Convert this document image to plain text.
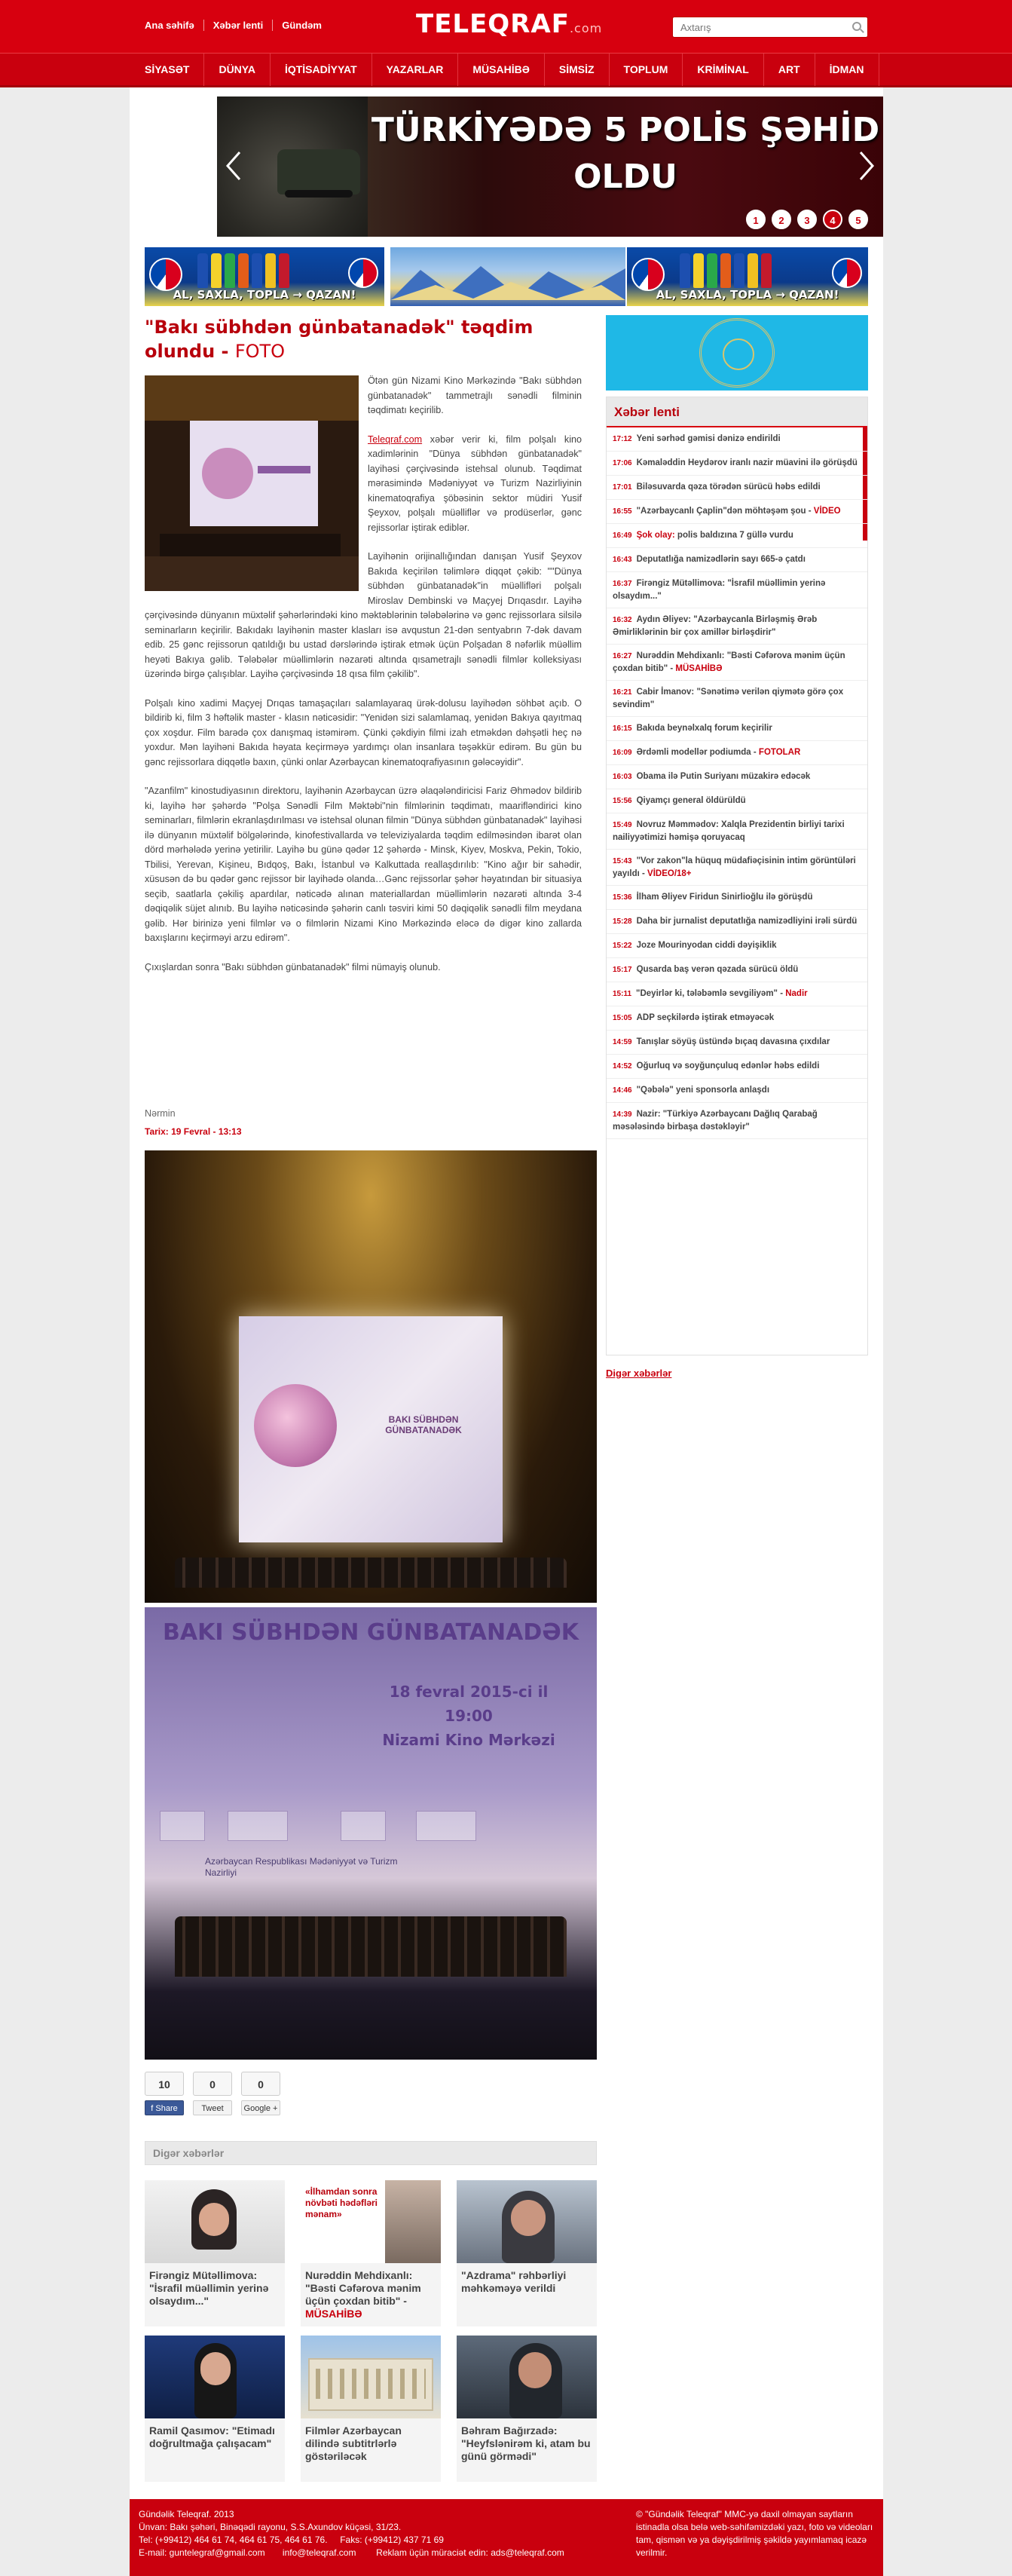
Ana səhifə	Xəbər lenti	Gündəm	TELEQRAF.com
Axtarış
SİYASƏT	DÜNYA	İQTİSADİYYAT	YAZARLAR	MÜSAHİBƏ	SİMSİZ	TOPLUM	KRİMİNAL	ART	İDMAN
TÜRKİYƏDƏ 5 POLİS ŞƏHİD OLDU
1	2	3	4	5
AL, SAXLA, TOPLA → QAZAN!	AL, SAXLA, TOPLA → QAZAN!
"Bakı sübhdən günbatanadək" təqdim olundu - FOTO

Ötən gün Nizami Kino Mərkəzində "Bakı sübhdən günbatanadək" tammetrajlı sənədli filminin təqdimatı keçirilib.

Teleqraf.com xəbər verir ki, film polşalı kino xadimlərinin "Dünya sübhdən günbatanadək" layihəsi çərçivəsində istehsal olunub. Təqdimat mərasimində Mədəniyyət və Turizm Nazirliyinin kinematoqrafiya şöbəsinin sektor müdiri Yusif Şeyxov, polşalı müəlliflər və prodüserlər, gənc rejissorlar iştirak ediblər.

Layihənin orijinallığından danışan Yusif Şeyxov Bakıda keçirilən təlimlərə diqqət çəkib: ""Dünya sübhdən günbatanadək"in müəllifləri polşalı Miroslav Dembinski və Maçyej Drıqasdır. Layihə çərçivəsində dünyanın müxtəlif şəhərlərindəki kino məktəblərinin tələbələrinə və gənc rejissorlara silsilə seminarların keçirilir. Bakıdakı layihənin master klasları isə avqustun 21-dən sentyabrın 7-dək davam edib. 25 gənc rejissorun qatıldığı bu ustad dərslərində iştirak etmək üçün Polşadan 8 nəfərlik müəllim heyəti Bakıya gəlib. Tələbələr müəllimlərin nəzarəti altında qısametrajlı sənədli filmlər kolleksiyası üzərində birgə çalışıblar. Layihə çərçivəsində 18 qısa film çəkilib".

Polşalı kino xadimi Maçyej Drıqas tamaşaçıları salamlayaraq ürək-dolusu layihədən söhbət açıb. O bildirib ki, film 3 həftəlik master - klasın nəticəsidir: "Yenidən sizi salamlamaq, yenidən Bakıya qayıtmaq çox xoşdur. Film barədə çox danışmaq istəmirəm. Çünki çəkdiyin filmi izah etməkdən dəhşətli heç nə yoxdur. Mən layihəni Bakıda həyata keçirməyə yardımçı olan insanlara təşəkkür edirəm. Bu gün bu gənc rejissorlara diqqətlə baxın, çünki onlar Azərbaycan kinematoqrafiyasının gələcəyidir".

"Azanfilm" kinostudiyasının direktoru, layihənin Azərbaycan üzrə əlaqələndiricisi Fariz Əhmədov bildirib ki, layihə hər şəhərdə "Polşa Sənədli Film Məktəbi"nin filmlərinin təqdimatı, maarifləndirici kino seminarları, filmlərin ekranlaşdırılması və istehsal olunan filmin "Dünya sübhdən günbatanadək" layihəsi ilə dünyanın müxtəlif bölgələrində, kinofestivallarda və televiziyalarda təqdim edilməsindən ibarət olan dörd mərhələdə yerinə yetirilir. Layihə bu günə qədər 12 şəhərdə - Minsk, Kiyev, Moskva, Pekin, Tokio, Tbilisi, Yerevan, Kişineu, Bıdqoş, Bakı, İstanbul və Kalkuttada reallaşdırılıb: "Kino ağır bir sahədir, xüsusən də bu qədər gənc rejissor bir layihədə olanda…Gənc rejissorlar şəhər həyatından bir situasiya seçib, saatlarla çəkiliş apardılar, nəticədə alınan materiallardan müəllimlərin nəzarəti altında 3-4 dəqiqəlik süjet alınıb. Bu layihə nəticəsində şəhərin canlı təsviri kimi 50 dəqiqəlik sənədli film meydana gəlib. Hər birinizə yeni filmlər və o filmlərin Nizami Kino Mərkəzində eləcə də digər kino zallarda baxışlarını keçirməyi arzu edirəm".

Çıxışlardan sonra "Bakı sübhdən günbatanadək" filmi nümayiş olunub.

Nərmin
Tarix: 19 Fevral - 13:13
BAKI SÜBHDƏN GÜNBATANADƏK
BAKI SÜBHDƏN GÜNBATANADƏK
18 fevral 2015-ci il
19:00
Nizami Kino Mərkəzi
Azərbaycan Respublikası Mədəniyyət və Turizm Nazirliyi
10
f Share
0
Tweet
0
Google +
Digər xəbərlər
Firəngiz Mütəllimova: "İsrafil müəllimin yerinə olsaydım..."
«İlhamdan sonra növbəti hədəfləri mənam»
Nurəddin Mehdixanlı: "Bəsti Cəfərova mənim üçün çoxdan bitib" - MÜSAHİBƏ
"Azdrama" rəhbərliyi məhkəməyə verildi
Ramil Qasımov: "Etimadı doğrultmağa çalışacam"
Filmlər Azərbaycan dilində subtitrlərlə göstəriləcək
Bəhram Bağırzadə: "Heyfslənirəm ki, atam bu günü görmədi"
Xəbər lenti
17:12 Yeni sərhəd gəmisi dənizə endirildi
17:06 Kəmaləddin Heydərov iranlı nazir müavini ilə görüşdü
17:01 Biləsuvarda qəza törədən sürücü həbs edildi
16:55 "Azərbaycanlı Çaplin"dən möhtəşəm şou - VİDEO
16:49 Şok olay: polis baldızına 7 güllə vurdu
16:43 Deputatlığa namizədlərin sayı 665-ə çatdı
16:37 Firəngiz Mütəllimova: "İsrafil müəllimin yerinə olsaydım..."
16:32 Aydın Əliyev: "Azərbaycanla Birləşmiş Ərəb Əmirliklərinin bir çox amillər birləşdirir"
16:27 Nurəddin Mehdixanlı: "Bəsti Cəfərova mənim üçün çoxdan bitib" - MÜSAHİBƏ
16:21 Cabir İmanov: "Sənətimə verilən qiymətə görə çox sevindim"
16:15 Bakıda beynəlxalq forum keçirilir
16:09 Ərdəmli modellər podiumda - FOTOLAR
16:03 Obama ilə Putin Suriyanı müzakirə edəcək
15:56 Qiyamçı general öldürüldü
15:49 Novruz Məmmədov: Xalqla Prezidentin birliyi tarixi nailiyyətimizi həmişə qoruyacaq
15:43 "Vor zakon"la hüquq müdafiəçisinin intim görüntüləri yayıldı - VİDEO/18+
15:36 İlham Əliyev Firidun Sinirlioğlu ilə görüşdü
15:28 Daha bir jurnalist deputatlığa namizədliyini irəli sürdü
15:22 Joze Mourinyodan ciddi dəyişiklik
15:17 Qusarda baş verən qəzada sürücü öldü
15:11 "Deyirlər ki, tələbəmlə sevgiliyəm" - Nadir
15:05 ADP seçkilərdə iştirak etməyəcək
14:59 Tanışlar söyüş üstündə bıçaq davasına çıxdılar
14:52 Oğurluq və soyğunçuluq edənlər həbs edildi
14:46 "Qəbələ" yeni sponsorla anlaşdı
14:39 Nazir: "Türkiyə Azərbaycanı Dağlıq Qarabağ məsələsində birbaşa dəstəkləyir"
Digər xəbərlər
Gündəlik Teleqraf. 2013
Ünvan: Bakı şəhəri, Binəqədi rayonu, S.S.Axundov küçəsi, 31/23.
Tel: (+99412) 464 61 74, 464 61 75, 464 61 76.     Faks: (+99412) 437 71 69
E-mail: guntelegraf@gmail.com       info@teleqraf.com        Reklam üçün müraciət edin: ads@teleqraf.com
© "Gündəlik Teleqraf" MMC-yə daxil olmayan saytların istinadla olsa belə web-səhifəmizdəki yazı, foto və videoları tam, qismən və ya dəyişdirilmiş şəkildə yayımlamaq icazə verilmir.
